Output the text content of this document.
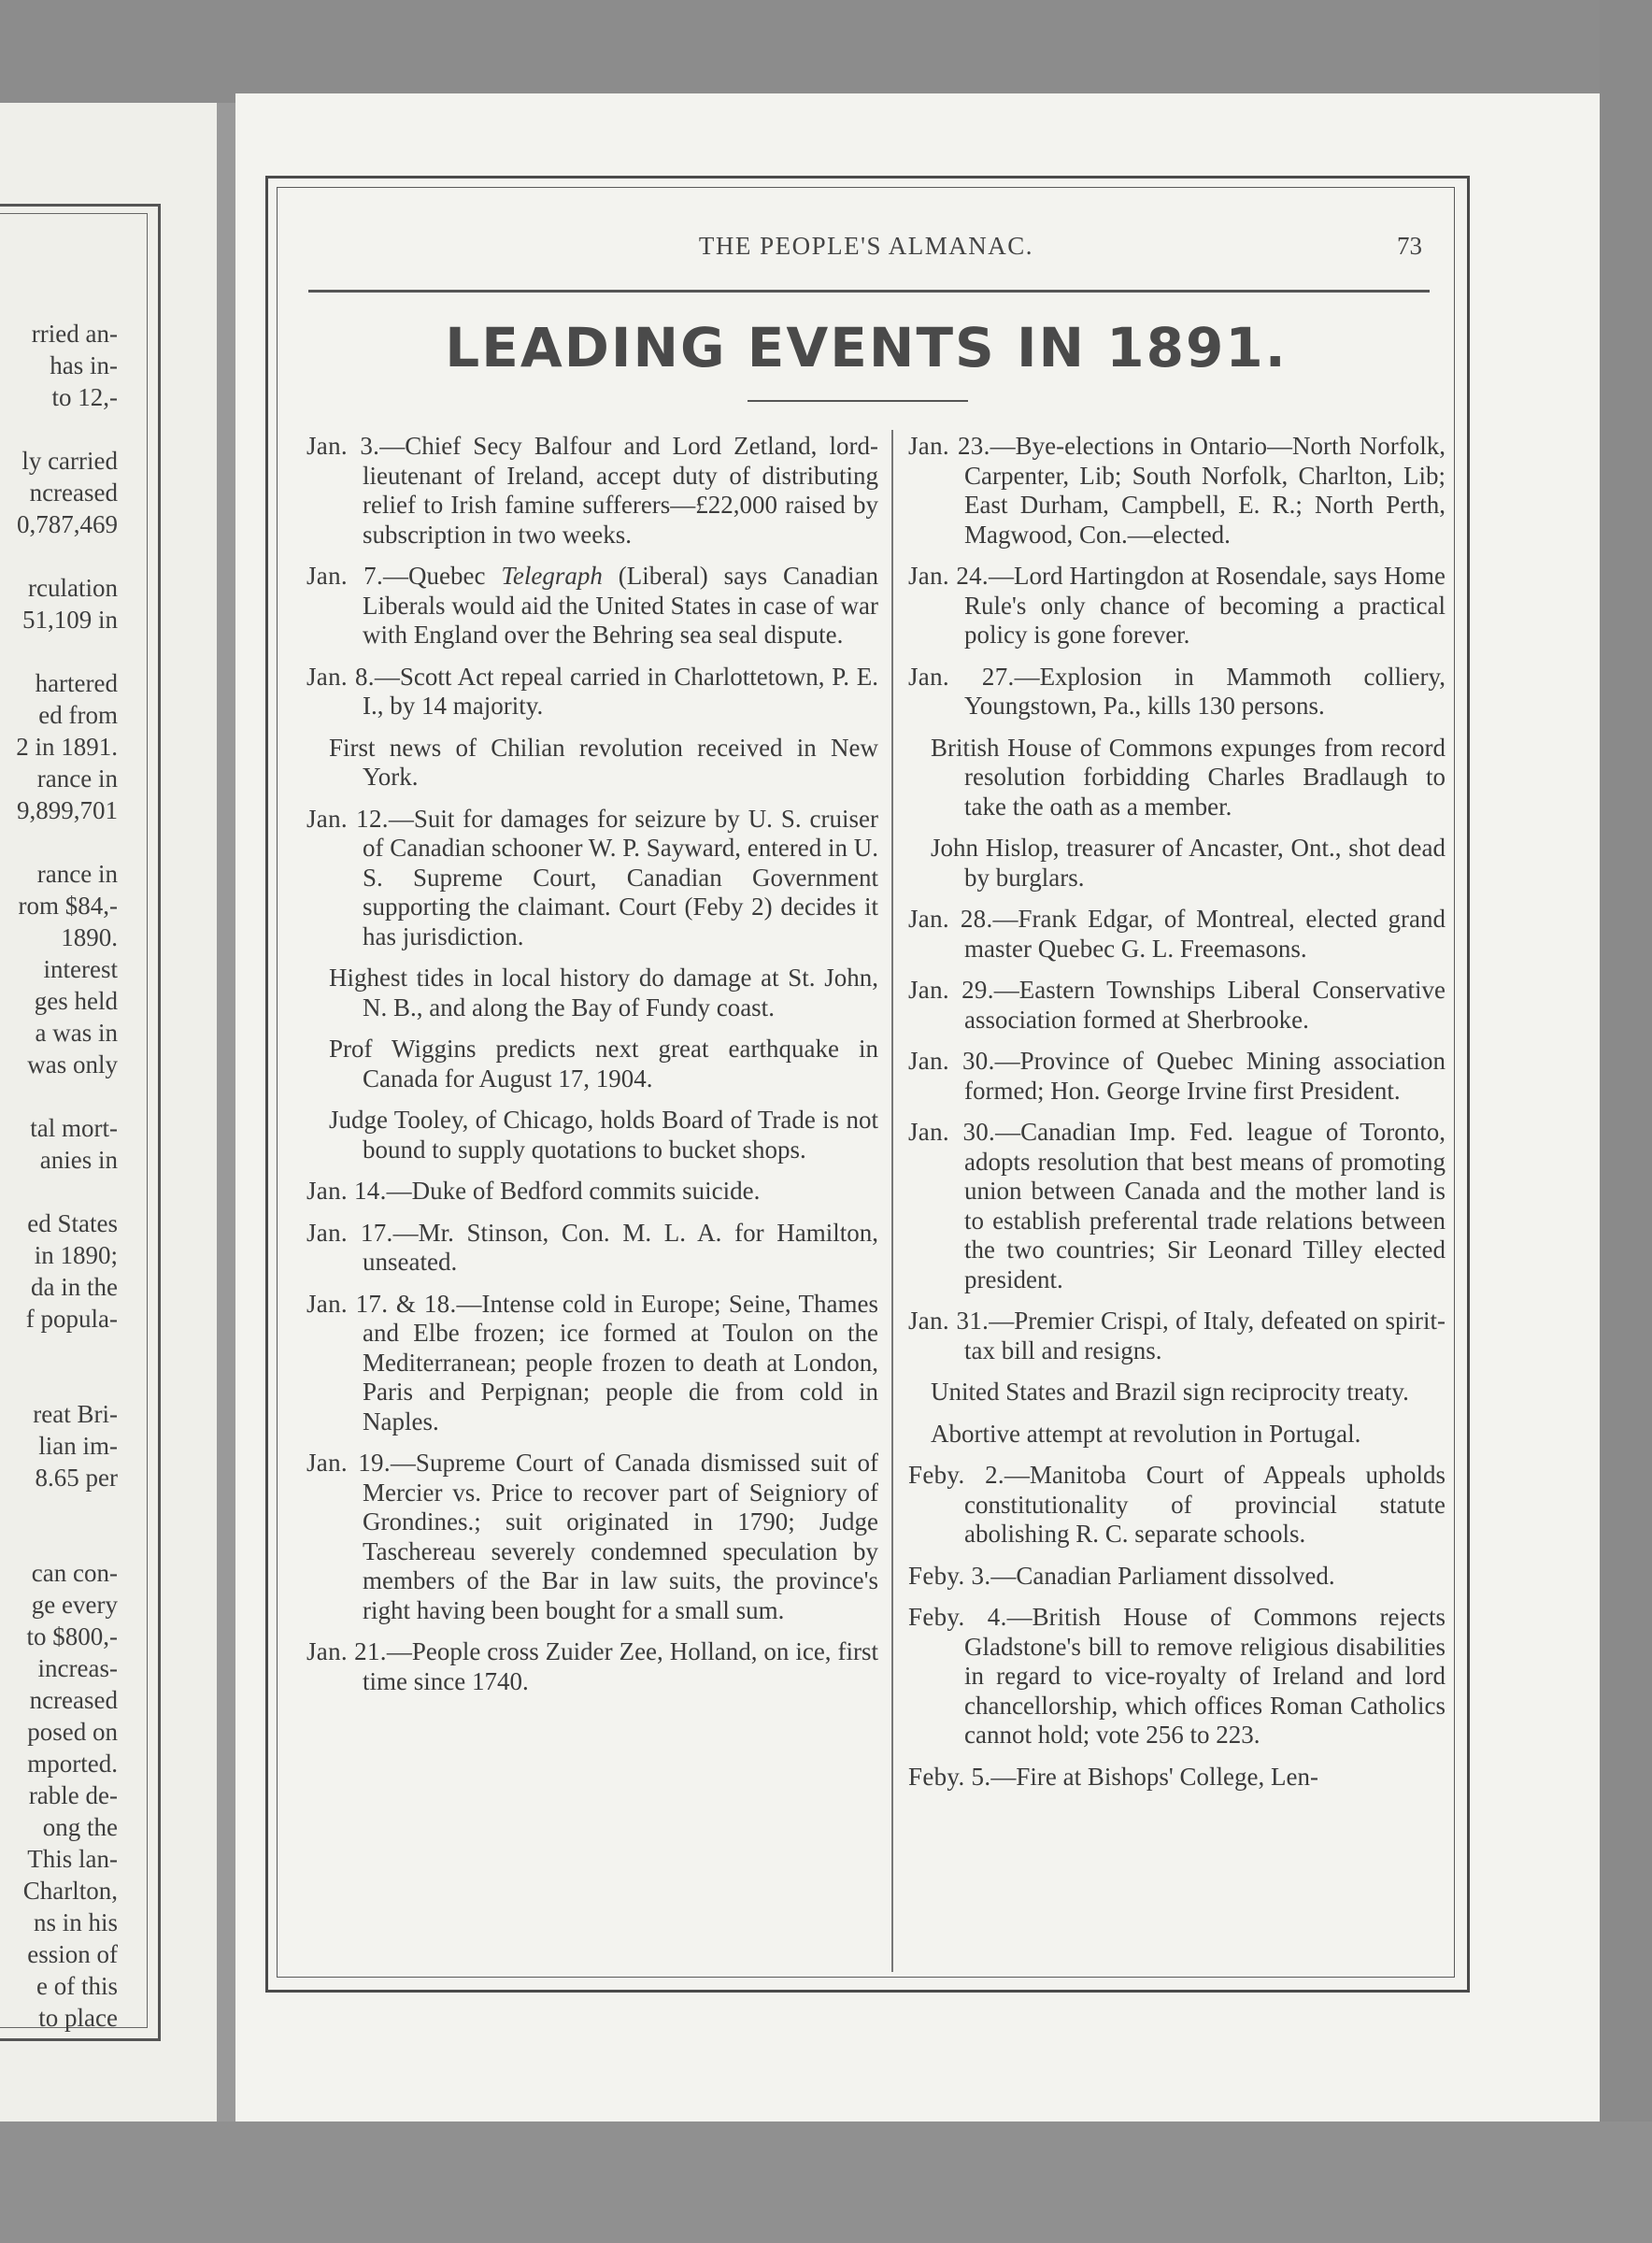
rried an-
has in-
to 12,-

ly carried
ncreased
0,787,469

rculation
51,109 in

hartered
ed from
2 in 1891.
rance in
9,899,701

rance in
rom $84,-
1890.
interest
ges held
a was in
was only

tal mort-
anies in

ed States
in 1890;
da in the
f popula-

reat Bri-
lian im-
8.65 per

can con-
ge every
to $800,-
increas-
ncreased
posed on
mported.
rable de-
ong the
This lan-
Charlton,
ns in his
ession of
e of this
to place
THE PEOPLE'S ALMANAC.	73
LEADING EVENTS IN 1891.

Jan. 3.—Chief Secy Balfour and Lord Zetland, lord-lieutenant of Ireland, accept duty of distributing relief to Irish famine sufferers—£22,000 raised by subscription in two weeks.

Jan. 7.—Quebec Telegraph (Liberal) says Canadian Liberals would aid the United States in case of war with England over the Behring sea seal dispute.

Jan. 8.—Scott Act repeal carried in Charlottetown, P. E. I., by 14 majority.

First news of Chilian revolution received in New York.

Jan. 12.—Suit for damages for seizure by U. S. cruiser of Canadian schooner W. P. Sayward, entered in U. S. Supreme Court, Canadian Government supporting the claimant. Court (Feby 2) decides it has jurisdiction.

Highest tides in local history do damage at St. John, N. B., and along the Bay of Fundy coast.

Prof Wiggins predicts next great earthquake in Canada for August 17, 1904.

Judge Tooley, of Chicago, holds Board of Trade is not bound to supply quotations to bucket shops.

Jan. 14.—Duke of Bedford commits suicide.

Jan. 17.—Mr. Stinson, Con. M. L. A. for Hamilton, unseated.

Jan. 17. & 18.—Intense cold in Europe; Seine, Thames and Elbe frozen; ice formed at Toulon on the Mediterranean; people frozen to death at London, Paris and Perpignan; people die from cold in Naples.

Jan. 19.—Supreme Court of Canada dismissed suit of Mercier vs. Price to recover part of Seigniory of Grondines.; suit originated in 1790; Judge Taschereau severely condemned speculation by members of the Bar in law suits, the province's right having been bought for a small sum.

Jan. 21.—People cross Zuider Zee, Holland, on ice, first time since 1740.

Jan. 23.—Bye-elections in Ontario—North Norfolk, Carpenter, Lib; South Norfolk, Charlton, Lib; East Durham, Campbell, E. R.; North Perth, Magwood, Con.—elected.

Jan. 24.—Lord Hartingdon at Rosendale, says Home Rule's only chance of becoming a practical policy is gone forever.

Jan. 27.—Explosion in Mammoth colliery, Youngstown, Pa., kills 130 persons.

British House of Commons expunges from record resolution forbidding Charles Bradlaugh to take the oath as a member.

John Hislop, treasurer of Ancaster, Ont., shot dead by burglars.

Jan. 28.—Frank Edgar, of Montreal, elected grand master Quebec G. L. Freemasons.

Jan. 29.—Eastern Townships Liberal Conservative association formed at Sherbrooke.

Jan. 30.—Province of Quebec Mining association formed; Hon. George Irvine first President.

Jan. 30.—Canadian Imp. Fed. league of Toronto, adopts resolution that best means of promoting union between Canada and the mother land is to establish preferental trade relations between the two countries; Sir Leonard Tilley elected president.

Jan. 31.—Premier Crispi, of Italy, defeated on spirit-tax bill and resigns.

United States and Brazil sign reciprocity treaty.

Abortive attempt at revolution in Portugal.

Feby. 2.—Manitoba Court of Appeals upholds constitutionality of provincial statute abolishing R. C. separate schools.

Feby. 3.—Canadian Parliament dissolved.

Feby. 4.—British House of Commons rejects Gladstone's bill to remove religious disabilities in regard to vice-royalty of Ireland and lord chancellorship, which offices Roman Catholics cannot hold; vote 256 to 223.

Feby. 5.—Fire at Bishops' College, Len-
